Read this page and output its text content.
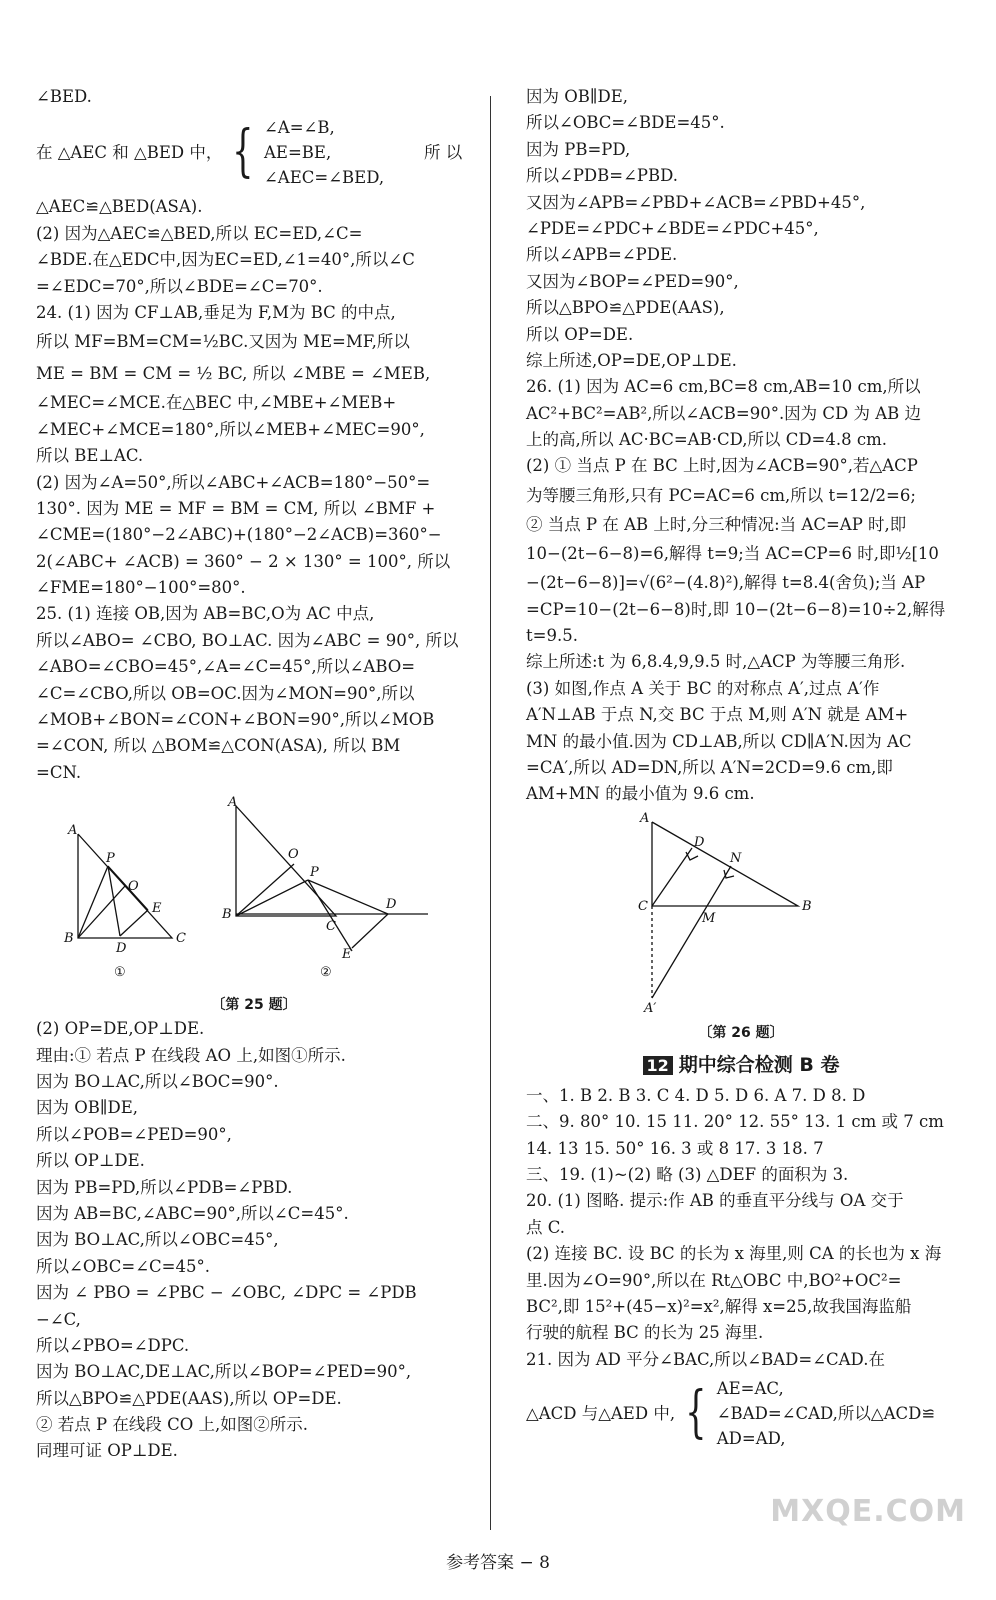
∠BED.
在 △AEC 和 △BED 中， { ∠A=∠B,
AE=BE,
∠AEC=∠BED,
所 以
△AEC≌△BED(ASA).
(2) 因为△AEC≌△BED,所以 EC=ED,∠C=
∠BDE.在△EDC中,因为EC=ED,∠1=40°,所以∠C
=∠EDC=70°,所以∠BDE=∠C=70°.
24. (1) 因为 CF⊥AB,垂足为 F,M为 BC 的中点,
所以 MF=BM=CM=½BC.又因为 ME=MF,所以
ME = BM = CM = ½ BC, 所以 ∠MBE = ∠MEB,
∠MEC=∠MCE.在△BEC 中,∠MBE+∠MEB+
∠MEC+∠MCE=180°,所以∠MEB+∠MEC=90°,
所以 BE⊥AC.
(2) 因为∠A=50°,所以∠ABC+∠ACB=180°−50°=
130°. 因为 ME = MF = BM = CM, 所以 ∠BMF +
∠CME=(180°−2∠ABC)+(180°−2∠ACB)=360°−
2(∠ABC+ ∠ACB) = 360° − 2 × 130° = 100°, 所以
∠FME=180°−100°=80°.
25. (1) 连接 OB,因为 AB=BC,O为 AC 中点,
所以∠ABO= ∠CBO, BO⊥AC. 因为∠ABC = 90°, 所以
∠ABO=∠CBO=45°,∠A=∠C=45°,所以∠ABO=
∠C=∠CBO,所以 OB=OC.因为∠MON=90°,所以
∠MOB+∠BON=∠CON+∠BON=90°,所以∠MOB
=∠CON, 所以 △BOM≌△CON(ASA), 所以 BM
=CN.
A
B	C
P
O
E
D
①
A
B
C
P
O
D
E
②
〔第 25 题〕
(2) OP=DE,OP⊥DE.
理由:① 若点 P 在线段 AO 上,如图①所示.
因为 BO⊥AC,所以∠BOC=90°.
因为 OB∥DE,
所以∠POB=∠PED=90°,
所以 OP⊥DE.
因为 PB=PD,所以∠PDB=∠PBD.
因为 AB=BC,∠ABC=90°,所以∠C=45°.
因为 BO⊥AC,所以∠OBC=45°,
所以∠OBC=∠C=45°.
因为 ∠ PBO = ∠PBC − ∠OBC, ∠DPC = ∠PDB
−∠C,
所以∠PBO=∠DPC.
因为 BO⊥AC,DE⊥AC,所以∠BOP=∠PED=90°,
所以△BPO≌△PDE(AAS),所以 OP=DE.
② 若点 P 在线段 CO 上,如图②所示.
同理可证 OP⊥DE.
因为 OB∥DE,
所以∠OBC=∠BDE=45°.
因为 PB=PD,
所以∠PDB=∠PBD.
又因为∠APB=∠PBD+∠ACB=∠PBD+45°,
∠PDE=∠PDC+∠BDE=∠PDC+45°,
所以∠APB=∠PDE.
又因为∠BOP=∠PED=90°,
所以△BPO≌△PDE(AAS),
所以 OP=DE.
综上所述,OP=DE,OP⊥DE.
26. (1) 因为 AC=6 cm,BC=8 cm,AB=10 cm,所以
AC²+BC²=AB²,所以∠ACB=90°.因为 CD 为 AB 边
上的高,所以 AC·BC=AB·CD,所以 CD=4.8 cm.
(2) ① 当点 P 在 BC 上时,因为∠ACB=90°,若△ACP
为等腰三角形,只有 PC=AC=6 cm,所以 t=12/2=6;
② 当点 P 在 AB 上时,分三种情况:当 AC=AP 时,即
10−(2t−6−8)=6,解得 t=9;当 AC=CP=6 时,即½[10
−(2t−6−8)]=√(6²−(4.8)²),解得 t=8.4(舍负);当 AP
=CP=10−(2t−6−8)时,即 10−(2t−6−8)=10÷2,解得
t=9.5.
综上所述:t 为 6,8.4,9,9.5 时,△ACP 为等腰三角形.
(3) 如图,作点 A 关于 BC 的对称点 A′,过点 A′作
A′N⊥AB 于点 N,交 BC 于点 M,则 A′N 就是 AM+
MN 的最小值.因为 CD⊥AB,所以 CD∥A′N.因为 AC
=CA′,所以 AD=DN,所以 A′N=2CD=9.6 cm,即
AM+MN 的最小值为 9.6 cm.
A
C	B
D
N
M
A′
〔第 26 题〕
12 期中综合检测 B 卷
一、1. B 2. B 3. C 4. D 5. D 6. A 7. D 8. D
二、9. 80° 10. 15 11. 20° 12. 55° 13. 1 cm 或 7 cm
14. 13 15. 50° 16. 3 或 8 17. 3 18. 7
三、19. (1)~(2) 略 (3) △DEF 的面积为 3.
20. (1) 图略. 提示:作 AB 的垂直平分线与 OA 交于
点 C.
(2) 连接 BC. 设 BC 的长为 x 海里,则 CA 的长也为 x 海
里.因为∠O=90°,所以在 Rt△OBC 中,BO²+OC²=
BC²,即 15²+(45−x)²=x²,解得 x=25,故我国海监船
行驶的航程 BC 的长为 25 海里.
21. 因为 AD 平分∠BAC,所以∠BAD=∠CAD.在
△ACD 与△AED 中, { AE=AC,
∠BAD=∠CAD,所以△ACD≌
AD=AD,
MXQE.COM
参考答案 − 8
